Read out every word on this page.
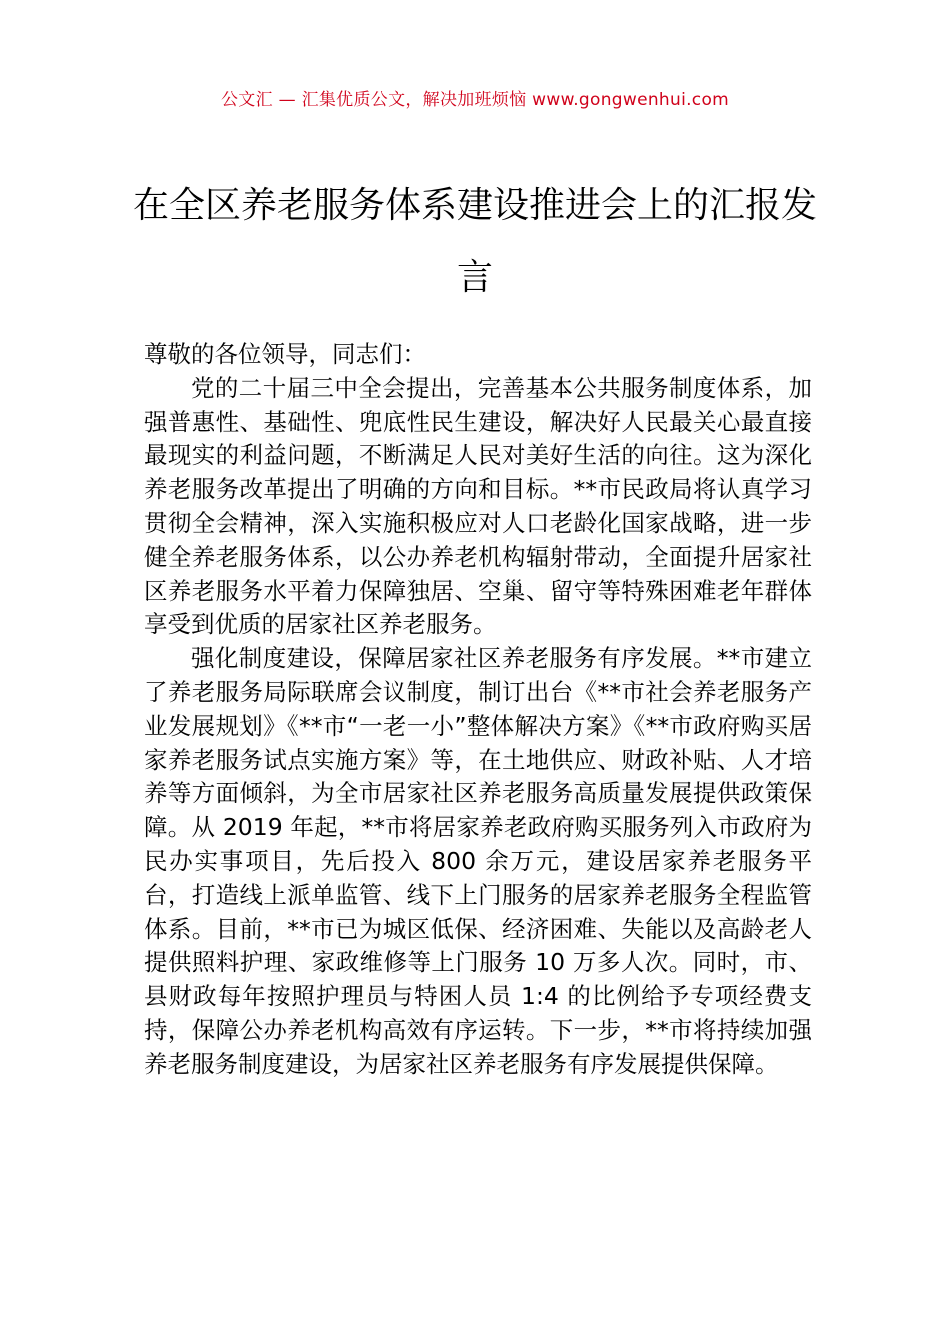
公文汇 — 汇集优质公文，解决加班烦恼 www.gongwenhui.com
在全区养老服务体系建设推进会上的汇报发言

尊敬的各位领导，同志们：

党的二十届三中全会提出，完善基本公共服务制度体系，加强普惠性、基础性、兜底性民生建设，解决好人民最关心最直接最现实的利益问题，不断满足人民对美好生活的向往。这为深化养老服务改革提出了明确的方向和目标。**市民政局将认真学习贯彻全会精神，深入实施积极应对人口老龄化国家战略，进一步健全养老服务体系，以公办养老机构辐射带动，全面提升居家社区养老服务水平着力保障独居、空巢、留守等特殊困难老年群体享受到优质的居家社区养老服务。

强化制度建设，保障居家社区养老服务有序发展。**市建立了养老服务局际联席会议制度，制订出台《**市社会养老服务产业发展规划》《**市“一老一小”整体解决方案》《**市政府购买居家养老服务试点实施方案》等，在土地供应、财政补贴、人才培养等方面倾斜，为全市居家社区养老服务高质量发展提供政策保障。从 2019 年起，**市将居家养老政府购买服务列入市政府为民办实事项目，先后投入 800 余万元，建设居家养老服务平台，打造线上派单监管、线下上门服务的居家养老服务全程监管体系。目前，**市已为城区低保、经济困难、失能以及高龄老人提供照料护理、家政维修等上门服务 10 万多人次。同时，市、县财政每年按照护理员与特困人员 1:4 的比例给予专项经费支持，保障公办养老机构高效有序运转。下一步，**市将持续加强养老服务制度建设，为居家社区养老服务有序发展提供保障。
